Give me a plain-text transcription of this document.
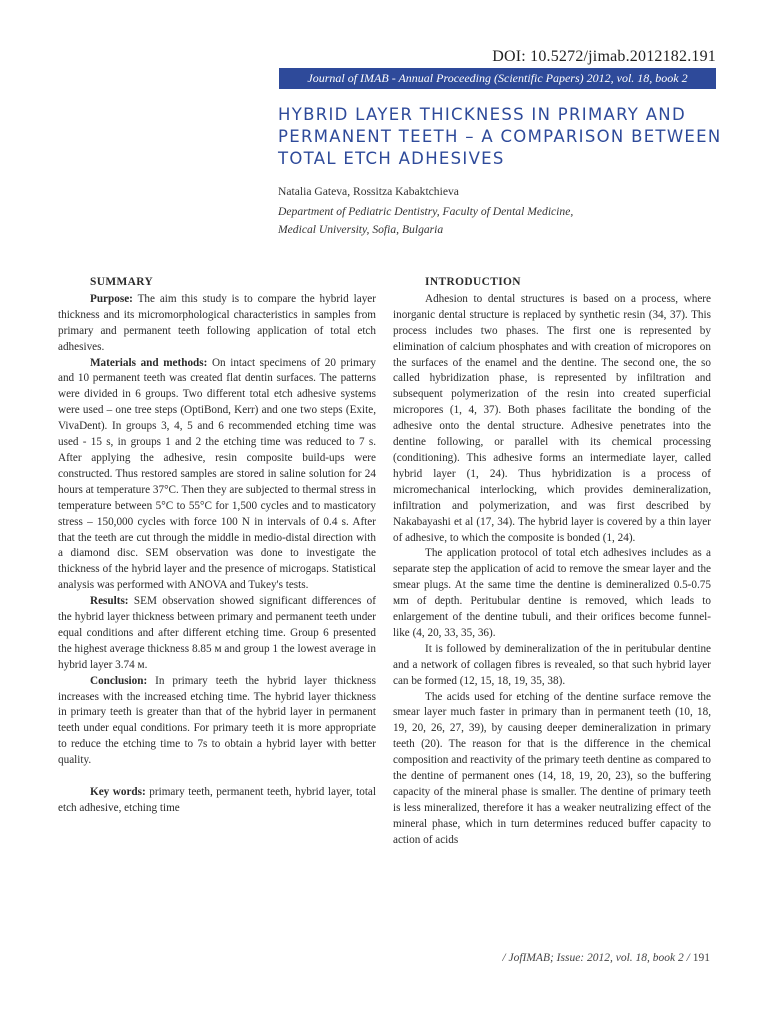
DOI: 10.5272/jimab.2012182.191
Journal of IMAB - Annual Proceeding (Scientific Papers) 2012, vol. 18, book 2
HYBRID LAYER THICKNESS IN PRIMARY AND
PERMANENT TEETH – A COMPARISON BETWEEN
TOTAL ETCH ADHESIVES
Natalia Gateva, Rossitza Kabaktchieva
Department of Pediatric Dentistry, Faculty of Dental Medicine,
Medical University, Sofia, Bulgaria
SUMMARY

Purpose: The aim this study is to compare the hybrid layer thickness and its micromorphological characteristics in samples from primary and permanent teeth following application of total etch adhesives.

Materials and methods: On intact specimens of 20 primary and 10 permanent teeth was created flat dentin surfaces. The patterns were divided in 6 groups. Two different total etch adhesive systems were used – one tree steps (OptiBond, Kerr) and one two steps (Exite, VivaDent). In groups 3, 4, 5 and 6 recommended etching time was used - 15 s, in groups 1 and 2 the etching time was reduced to 7 s. After applying the adhesive, resin composite build-ups were constructed. Thus restored samples are stored in saline solution for 24 hours at temperature 37°C. Then they are subjected to thermal stress in temperature between 5°C to 55°C for 1,500 cycles and to masticatory stress – 150,000 cycles with force 100 N in intervals of 0.4 s. After that the teeth are cut through the middle in medio-distal direction with a diamond disc. SEM observation was done to investigate the thickness of the hybrid layer and the presence of microgaps. Statistical analysis was performed with ANOVA and Tukey's tests.

Results: SEM observation showed significant differences of the hybrid layer thickness between primary and permanent teeth under equal conditions and after different etching time. Group 6 presented the highest average thickness 8.85 м and group 1 the lowest average in hybrid layer 3.74 м.

Conclusion: In primary teeth the hybrid layer thickness increases with the increased etching time. The hybrid layer thickness in primary teeth is greater than that of the hybrid layer in permanent teeth under equal conditions. For primary teeth it is more appropriate to reduce the etching time to 7s to obtain a hybrid layer with better quality.

Key words: primary teeth, permanent teeth, hybrid layer, total etch adhesive, etching time

INTRODUCTION

Adhesion to dental structures is based on a process, where inorganic dental structure is replaced by synthetic resin (34, 37). This process includes two phases. The first one is represented by elimination of calcium phosphates and with creation of micropores on the surfaces of the enamel and the dentine. The second one, the so called hybridization phase, is represented by infiltration and subsequent polymerization of the resin into created superficial micropores (1, 4, 37). Both phases facilitate the bonding of the adhesive onto the dental structure. Adhesive penetrates into the dentine following, or parallel with its chemical processing (conditioning). This adhesive forms an intermediate layer, called hybrid layer (1, 24). Thus hybridization is a process of micromechanical interlocking, which provides demineralization, infiltration and polymerization, and was first described by Nakabayashi et al (17, 34). The hybrid layer is covered by a thin layer of adhesive, to which the composite is bonded (1, 24).

The application protocol of total etch adhesives includes as a separate step the application of acid to remove the smear layer and the smear plugs. At the same time the dentine is demineralized 0.5-0.75 мm of depth. Peritubular dentine is removed, which leads to enlargement of the dentine tubuli, and their orifices become funnel-like (4, 20, 33, 35, 36).

It is followed by demineralization of the in peritubular dentine and a network of collagen fibres is revealed, so that such hybrid layer can be formed (12, 15, 18, 19, 35, 38).

The acids used for etching of the dentine surface remove the smear layer much faster in primary than in permanent teeth (10, 18, 19, 20, 26, 27, 39), by causing deeper demineralization in primary teeth (20). The reason for that is the difference in the chemical composition and reactivity of the primary teeth dentine as compared to the dentine of permanent ones (14, 18, 19, 20, 23), so the buffering capacity of the mineral phase is smaller. The dentine of primary teeth is less mineralized, therefore it has a weaker neutralizing effect of the mineral phase, which in turn determines reduced buffer capacity to action of acids

/ JofIMAB; Issue: 2012, vol. 18, book 2 / 191
